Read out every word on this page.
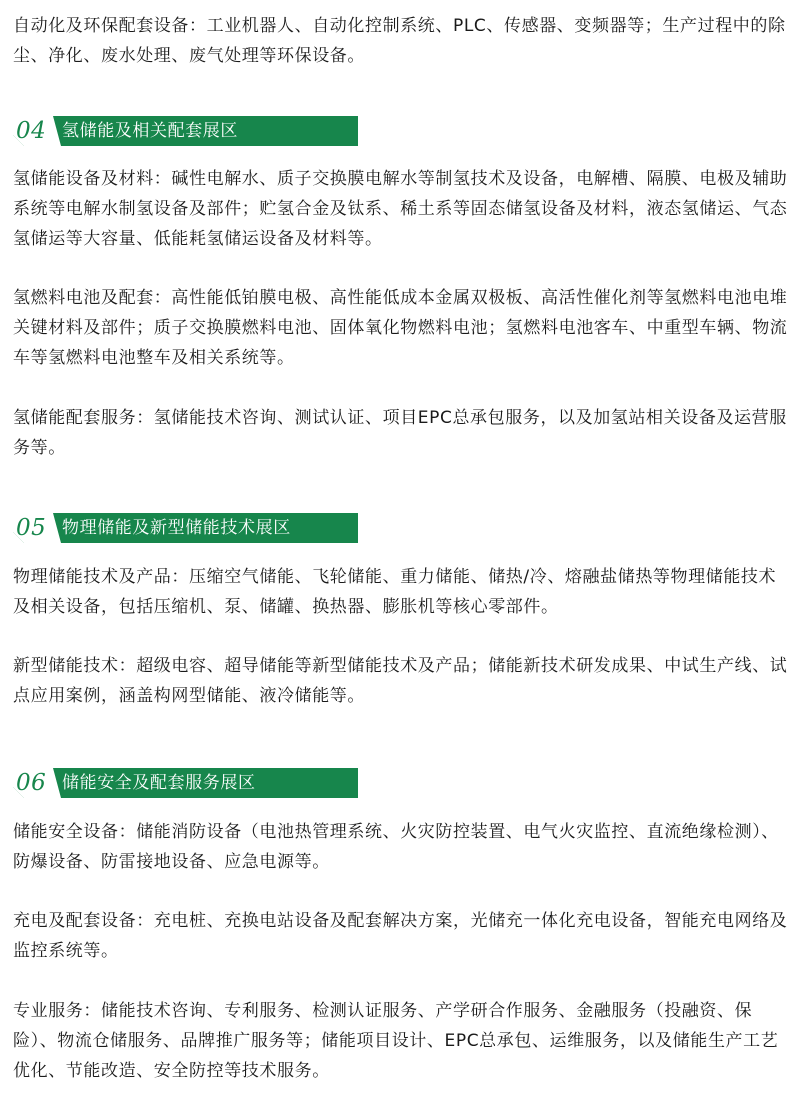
自动化及环保配套设备：工业机器人、自动化控制系统、PLC、传感器、变频器等；生产过程中的除尘、净化、废水处理、废气处理等环保设备。

04 氢储能及相关配套展区

氢储能设备及材料：碱性电解水、质子交换膜电解水等制氢技术及设备，电解槽、隔膜、电极及辅助系统等电解水制氢设备及部件；贮氢合金及钛系、稀土系等固态储氢设备及材料，液态氢储运、气态氢储运等大容量、低能耗氢储运设备及材料等。

氢燃料电池及配套：高性能低铂膜电极、高性能低成本金属双极板、高活性催化剂等氢燃料电池电堆关键材料及部件；质子交换膜燃料电池、固体氧化物燃料电池；氢燃料电池客车、中重型车辆、物流车等氢燃料电池整车及相关系统等。

氢储能配套服务：氢储能技术咨询、测试认证、项目EPC总承包服务，以及加氢站相关设备及运营服务等。

05 物理储能及新型储能技术展区

物理储能技术及产品：压缩空气储能、飞轮储能、重力储能、储热/冷、熔融盐储热等物理储能技术及相关设备，包括压缩机、泵、储罐、换热器、膨胀机等核心零部件。

新型储能技术：超级电容、超导储能等新型储能技术及产品；储能新技术研发成果、中试生产线、试点应用案例，涵盖构网型储能、液冷储能等。

06 储能安全及配套服务展区

储能安全设备：储能消防设备（电池热管理系统、火灾防控装置、电气火灾监控、直流绝缘检测）、防爆设备、防雷接地设备、应急电源等。

充电及配套设备：充电桩、充换电站设备及配套解决方案，光储充一体化充电设备，智能充电网络及监控系统等。

专业服务：储能技术咨询、专利服务、检测认证服务、产学研合作服务、金融服务（投融资、保险）、物流仓储服务、品牌推广服务等；储能项目设计、EPC总承包、运维服务，以及储能生产工艺优化、节能改造、安全防控等技术服务。
